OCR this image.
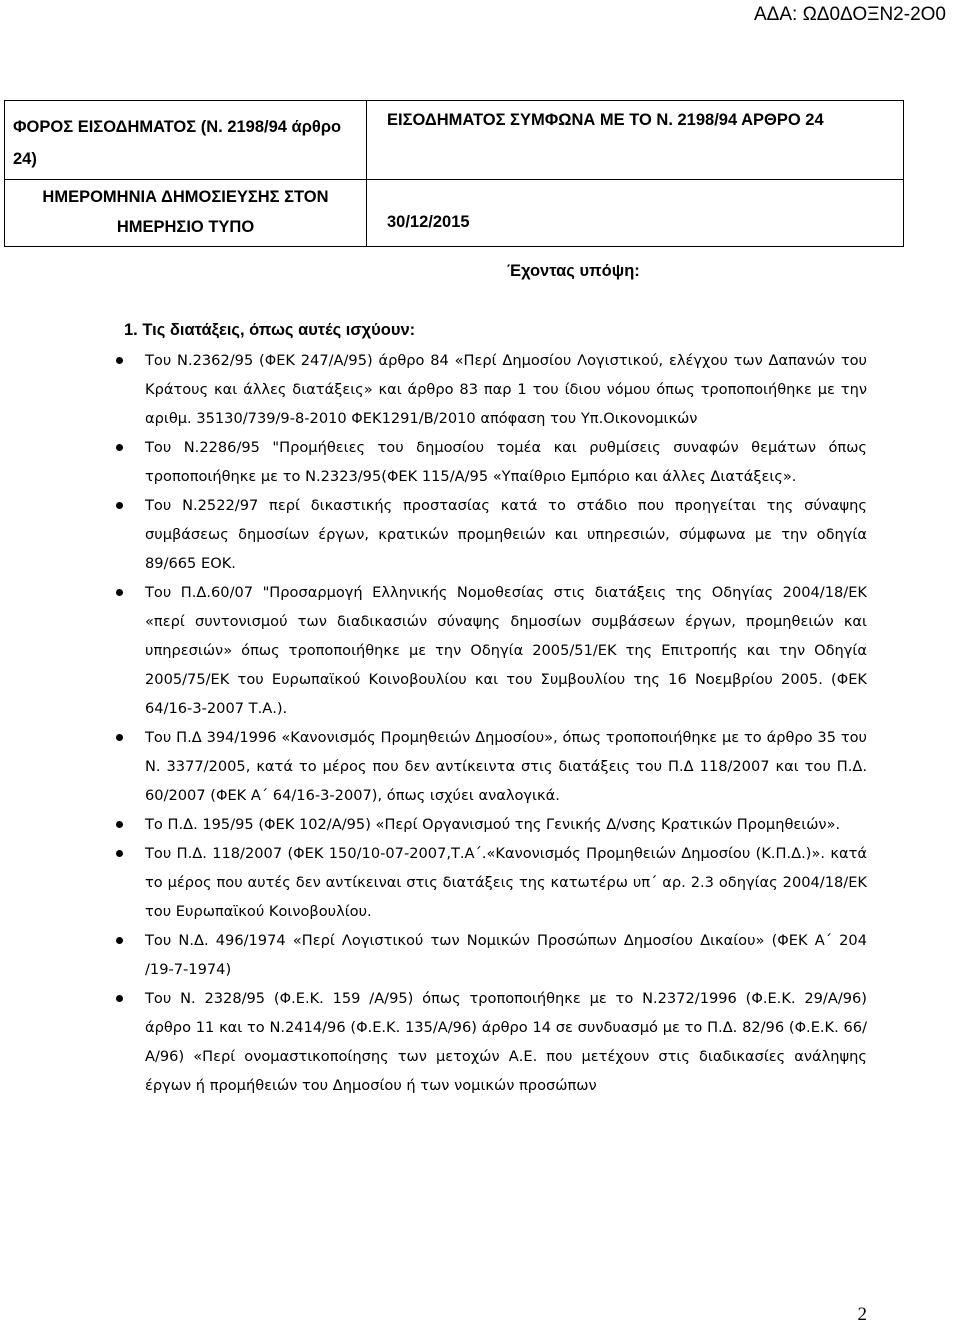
ΑΔΑ: ΩΔ0ΔΟΞΝ2-2Ο0
ΦΟΡΟΣ ΕΙΣΟΔΗΜΑΤΟΣ (Ν. 2198/94 άρθρο 24)	ΕΙΣΟΔΗΜΑΤΟΣ ΣΥΜΦΩΝΑ ΜΕ ΤΟ Ν. 2198/94 ΑΡΘΡΟ 24
ΗΜΕΡΟΜΗΝΙΑ ΔΗΜΟΣΙΕΥΣΗΣ ΣΤΟΝ ΗΜΕΡΗΣΙΟ ΤΥΠΟ	30/12/2015
Έχοντας υπόψη:
1. Τις διατάξεις, όπως αυτές ισχύουν:
Του Ν.2362/95 (ΦΕΚ 247/Α/95) άρθρο 84 «Περί Δημοσίου Λογιστικού, ελέγχου των Δαπανών του Κράτους και άλλες διατάξεις» και άρθρο 83 παρ 1 του ίδιου νόμου όπως τροποποιήθηκε με την αριθμ. 35130/739/9-8-2010 ΦΕΚ1291/Β/2010 απόφαση του Υπ.Οικονομικών
Του Ν.2286/95 "Προμήθειες του δημοσίου τομέα και ρυθμίσεις συναφών θεμάτων όπως τροποποιήθηκε με το Ν.2323/95(ΦΕΚ 115/Α/95 «Υπαίθριο Εμπόριο και άλλες Διατάξεις».
Του Ν.2522/97 περί δικαστικής προστασίας κατά το στάδιο που προηγείται της σύναψης συμβάσεως δημοσίων έργων, κρατικών προμηθειών και υπηρεσιών, σύμφωνα με την οδηγία 89/665 ΕΟΚ.
Του Π.Δ.60/07 "Προσαρμογή Ελληνικής Νομοθεσίας στις διατάξεις της Οδηγίας 2004/18/ΕΚ «περί συντονισμού των διαδικασιών σύναψης δημοσίων συμβάσεων έργων, προμηθειών και υπηρεσιών» όπως τροποποιήθηκε με την Οδηγία 2005/51/ΕΚ της Επιτροπής και την Οδηγία 2005/75/ΕΚ του Ευρωπαϊκού Κοινοβουλίου και του Συμβουλίου της 16 Νοεμβρίου 2005. (ΦΕΚ 64/16-3-2007 Τ.Α.).
Του Π.Δ 394/1996 «Κανονισμός Προμηθειών Δημοσίου», όπως τροποποιήθηκε με το άρθρο 35 του Ν. 3377/2005, κατά το μέρος που δεν αντίκειντα στις διατάξεις του Π.Δ 118/2007 και του Π.Δ. 60/2007 (ΦΕΚ Α΄ 64/16-3-2007), όπως ισχύει αναλογικά.
Το Π.Δ. 195/95 (ΦΕΚ 102/Α/95) «Περί Οργανισμού της Γενικής Δ/νσης Κρατικών Προμηθειών».
Του Π.Δ. 118/2007 (ΦΕΚ 150/10-07-2007,Τ.Α΄.«Κανονισμός Προμηθειών Δημοσίου (Κ.Π.Δ.)». κατά το μέρος που αυτές δεν αντίκειναι στις διατάξεις της κατωτέρω υπ΄ αρ. 2.3 οδηγίας 2004/18/ΕΚ του Ευρωπαϊκού Κοινοβουλίου.
Του Ν.Δ. 496/1974 «Περί Λογιστικού των Νομικών Προσώπων Δημοσίου Δικαίου» (ΦΕΚ Α΄ 204 /19-7-1974)
Του Ν. 2328/95 (Φ.Ε.Κ. 159 /Α/95) όπως τροποποιήθηκε με το Ν.2372/1996 (Φ.Ε.Κ. 29/Α/96) άρθρο 11 και το Ν.2414/96 (Φ.Ε.Κ. 135/Α/96) άρθρο 14 σε συνδυασμό με το Π.Δ. 82/96 (Φ.Ε.Κ. 66/Α/96) «Περί ονομαστικοποίησης των μετοχών Α.Ε. που μετέχουν στις διαδικασίες ανάληψης έργων ή προμήθειών του Δημοσίου ή των νομικών προσώπων
2
